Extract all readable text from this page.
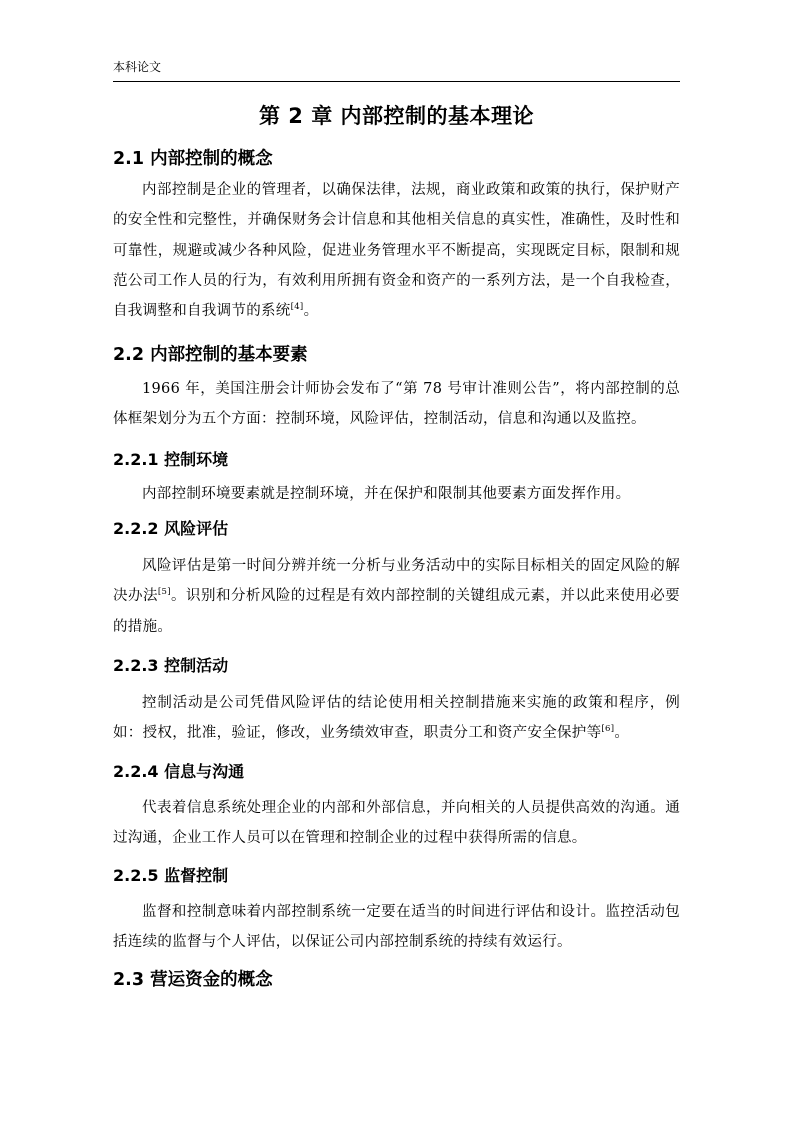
本科论文
第 2 章 内部控制的基本理论
2.1 内部控制的概念

内部控制是企业的管理者，以确保法律，法规，商业政策和政策的执行，保护财产的安全性和完整性，并确保财务会计信息和其他相关信息的真实性，准确性，及时性和可靠性，规避或减少各种风险，促进业务管理水平不断提高，实现既定目标，限制和规范公司工作人员的行为，有效利用所拥有资金和资产的一系列方法，是一个自我检查，自我调整和自我调节的系统[4]。

2.2 内部控制的基本要素

1966 年，美国注册会计师协会发布了“第 78 号审计准则公告”，将内部控制的总体框架划分为五个方面：控制环境，风险评估，控制活动，信息和沟通以及监控。

2.2.1 控制环境

内部控制环境要素就是控制环境，并在保护和限制其他要素方面发挥作用。

2.2.2 风险评估

风险评估是第一时间分辨并统一分析与业务活动中的实际目标相关的固定风险的解决办法[5]。识别和分析风险的过程是有效内部控制的关键组成元素，并以此来使用必要的措施。

2.2.3 控制活动

控制活动是公司凭借风险评估的结论使用相关控制措施来实施的政策和程序，例如：授权，批准，验证，修改，业务绩效审查，职责分工和资产安全保护等[6]。

2.2.4 信息与沟通

代表着信息系统处理企业的内部和外部信息，并向相关的人员提供高效的沟通。通过沟通，企业工作人员可以在管理和控制企业的过程中获得所需的信息。

2.2.5 监督控制

监督和控制意味着内部控制系统一定要在适当的时间进行评估和设计。监控活动包括连续的监督与个人评估，以保证公司内部控制系统的持续有效运行。

2.3 营运资金的概念
